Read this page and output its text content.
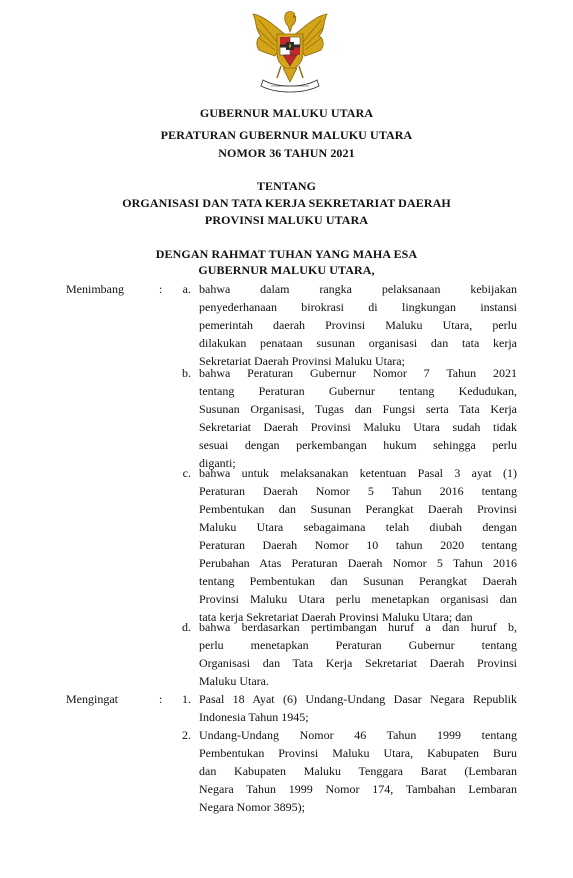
GUBERNUR MALUKU UTARA
PERATURAN GUBERNUR MALUKU UTARA
NOMOR 36 TAHUN 2021
TENTANG
ORGANISASI DAN TATA KERJA SEKRETARIAT DAERAH
PROVINSI MALUKU UTARA
DENGAN RAHMAT TUHAN YANG MAHA ESA
GUBERNUR MALUKU UTARA,
Menimbang	:	a. bahwa dalam rangka pelaksanaan kebijakan
penyederhanaan birokrasi di lingkungan instansi
pemerintah daerah Provinsi Maluku Utara, perlu
dilakukan penataan susunan organisasi dan tata kerja
Sekretariat Daerah Provinsi Maluku Utara;
b. bahwa Peraturan Gubernur Nomor 7 Tahun 2021
tentang Peraturan Gubernur tentang Kedudukan,
Susunan Organisasi, Tugas dan Fungsi serta Tata Kerja
Sekretariat Daerah Provinsi Maluku Utara sudah tidak
sesuai dengan perkembangan hukum sehingga perlu
diganti;
c. bahwa untuk melaksanakan ketentuan Pasal 3 ayat (1)
Peraturan Daerah Nomor 5 Tahun 2016 tentang
Pembentukan dan Susunan Perangkat Daerah Provinsi
Maluku Utara sebagaimana telah diubah dengan
Peraturan Daerah Nomor 10 tahun 2020 tentang
Perubahan Atas Peraturan Daerah Nomor 5 Tahun 2016
tentang Pembentukan dan Susunan Perangkat Daerah
Provinsi Maluku Utara perlu menetapkan organisasi dan
tata kerja Sekretariat Daerah Provinsi Maluku Utara; dan
d. bahwa berdasarkan pertimbangan huruf a dan huruf b,
perlu menetapkan Peraturan Gubernur tentang
Organisasi dan Tata Kerja Sekretariat Daerah Provinsi
Maluku Utara.
Mengingat	:	1. Pasal 18 Ayat (6) Undang-Undang Dasar Negara Republik
Indonesia Tahun 1945;
2. Undang-Undang Nomor 46 Tahun 1999 tentang
Pembentukan Provinsi Maluku Utara, Kabupaten Buru
dan Kabupaten Maluku Tenggara Barat (Lembaran
Negara Tahun 1999 Nomor 174, Tambahan Lembaran
Negara Nomor 3895);
